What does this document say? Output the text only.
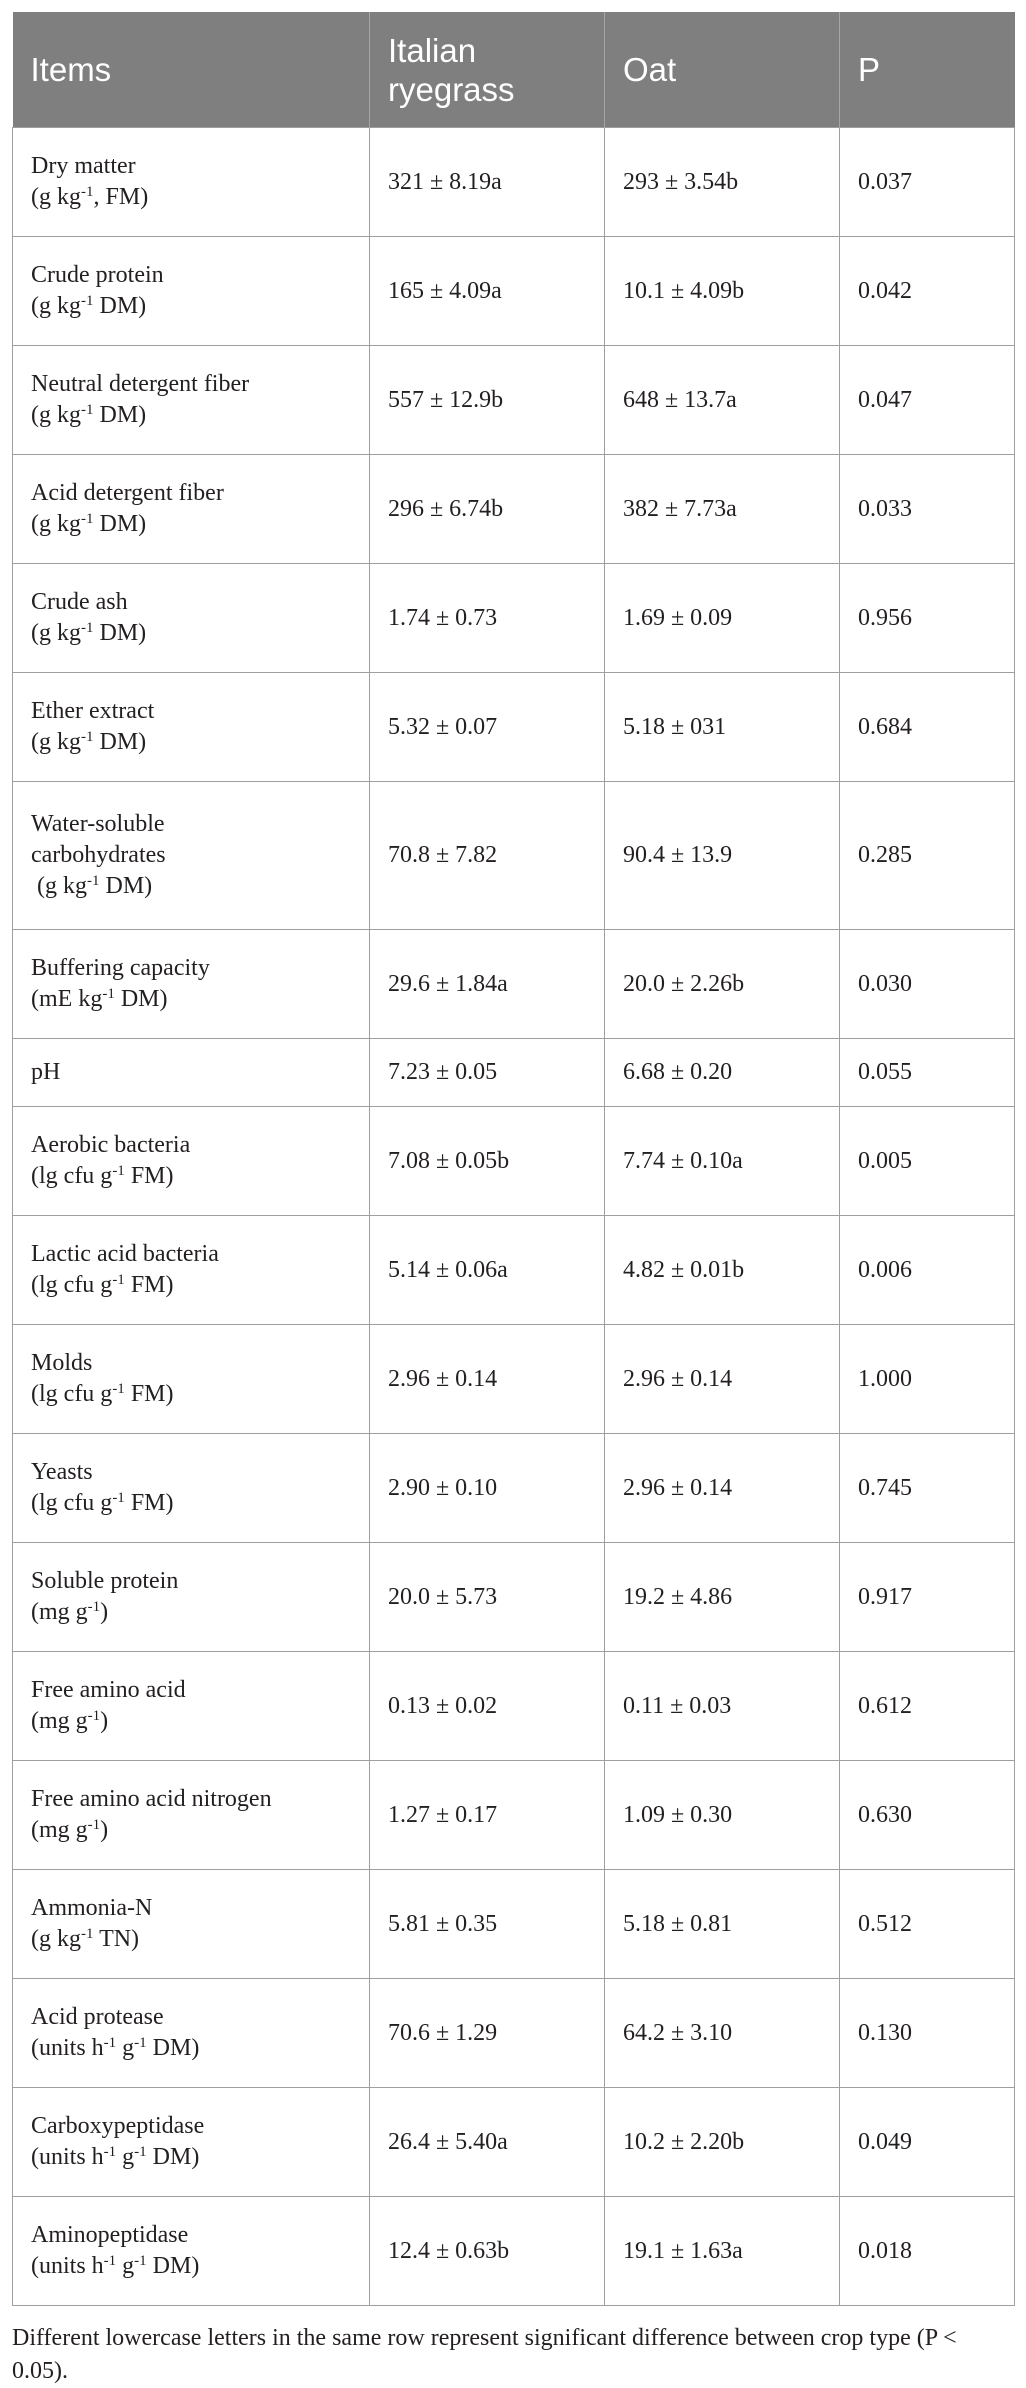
Items	Italian ryegrass	Oat	P

Dry matter
(g $kg^{-1}$, FM)	321 ± 8.19a	293 ± 3.54b	0.037

Crude protein
(g $kg^{-1}$ DM)	165 ± 4.09a	10.1 ± 4.09b	0.042

Neutral detergent fiber
(g $kg^{-1}$ DM)	557 ± 12.9b	648 ± 13.7a	0.047

Acid detergent fiber
(g $kg^{-1}$ DM)	296 ± 6.74b	382 ± 7.73a	0.033

Crude ash
(g $kg^{-1}$ DM)	1.74 ± 0.73	1.69 ± 0.09	0.956

Ether extract
(g $kg^{-1}$ DM)	5.32 ± 0.07	5.18 ± 031	0.684

Water-soluble
carbohydrates
(g $kg^{-1}$ DM)	70.8 ± 7.82	90.4 ± 13.9	0.285

Buffering capacity
(mE $kg^{-1}$ DM)	29.6 ± 1.84a	20.0 ± 2.26b	0.030

pH	7.23 ± 0.05	6.68 ± 0.20	0.055

Aerobic bacteria
(lg cfu $g^{-1}$ FM)	7.08 ± 0.05b	7.74 ± 0.10a	0.005

Lactic acid bacteria
(lg cfu $g^{-1}$ FM)	5.14 ± 0.06a	4.82 ± 0.01b	0.006

Molds
(lg cfu $g^{-1}$ FM)	2.96 ± 0.14	2.96 ± 0.14	1.000

Yeasts
(lg cfu $g^{-1}$ FM)	2.90 ± 0.10	2.96 ± 0.14	0.745

Soluble protein
(mg $g^{-1}$)	20.0 ± 5.73	19.2 ± 4.86	0.917

Free amino acid
(mg $g^{-1}$)	0.13 ± 0.02	0.11 ± 0.03	0.612

Free amino acid nitrogen
(mg $g^{-1}$)	1.27 ± 0.17	1.09 ± 0.30	0.630

Ammonia-N
(g $kg^{-1}$ TN)	5.81 ± 0.35	5.18 ± 0.81	0.512

Acid protease
(units $h^{-1}$ $g^{-1}$ DM)	70.6 ± 1.29	64.2 ± 3.10	0.130

Carboxypeptidase
(units $h^{-1}$ $g^{-1}$ DM)	26.4 ± 5.40a	10.2 ± 2.20b	0.049

Aminopeptidase
(units $h^{-1}$ $g^{-1}$ DM)	12.4 ± 0.63b	19.1 ± 1.63a	0.018
Different lowercase letters in the same row represent significant difference between crop type (P < 0.05).
